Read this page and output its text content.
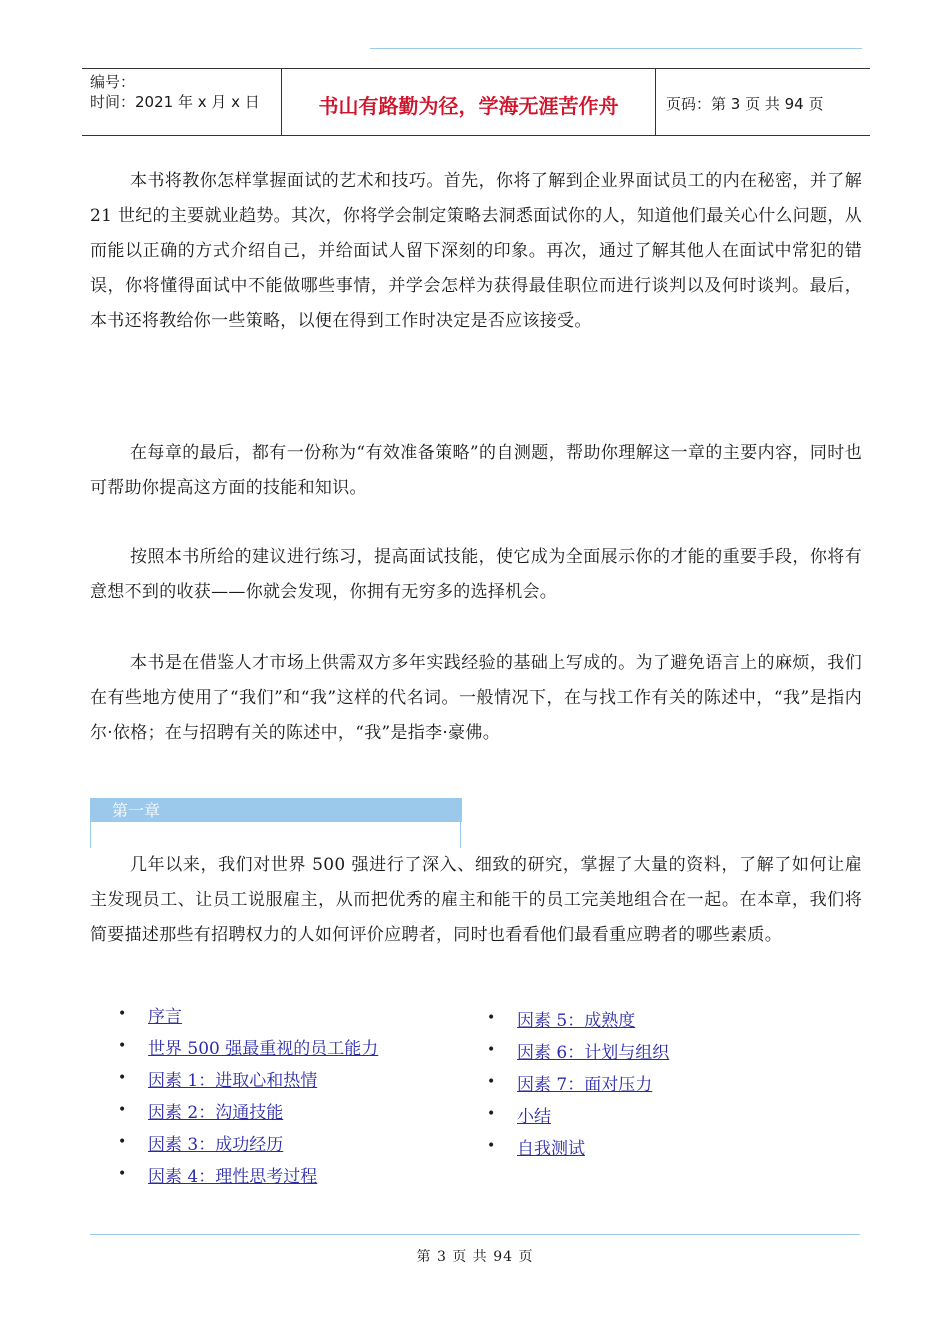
编号：
时间：2021 年 x 月 x 日	书山有路勤为径，学海无涯苦作舟	页码：第 3 页 共 94 页

本书将教你怎样掌握面试的艺术和技巧。首先，你将了解到企业界面试员工的内在秘密，并了解 21 世纪的主要就业趋势。其次，你将学会制定策略去洞悉面试你的人，知道他们最关心什么问题，从而能以正确的方式介绍自己，并给面试人留下深刻的印象。再次，通过了解其他人在面试中常犯的错误，你将懂得面试中不能做哪些事情，并学会怎样为获得最佳职位而进行谈判以及何时谈判。最后，本书还将教给你一些策略，以便在得到工作时决定是否应该接受。

在每章的最后，都有一份称为“有效准备策略”的自测题，帮助你理解这一章的主要内容，同时也可帮助你提高这方面的技能和知识。

按照本书所给的建议进行练习，提高面试技能，使它成为全面展示你的才能的重要手段，你将有意想不到的收获——你就会发现，你拥有无穷多的选择机会。

本书是在借鉴人才市场上供需双方多年实践经验的基础上写成的。为了避免语言上的麻烦，我们在有些地方使用了“我们”和“我”这样的代名词。一般情况下，在与找工作有关的陈述中，“我”是指内尔·依格；在与招聘有关的陈述中，“我”是指李·豪佛。

第一章

几年以来，我们对世界 500 强进行了深入、细致的研究，掌握了大量的资料，了解了如何让雇主发现员工、让员工说服雇主，从而把优秀的雇主和能干的员工完美地组合在一起。在本章，我们将简要描述那些有招聘权力的人如何评价应聘者，同时也看看他们最看重应聘者的哪些素质。

•	序言
•	世界 500 强最重视的员工能力
•	因素 1：进取心和热情
•	因素 2：沟通技能
•	因素 3：成功经历
•	因素 4：理性思考过程
•	因素 5：成熟度
•	因素 6：计划与组织
•	因素 7：面对压力
•	小结
•	自我测试
第 3 页 共 94 页
